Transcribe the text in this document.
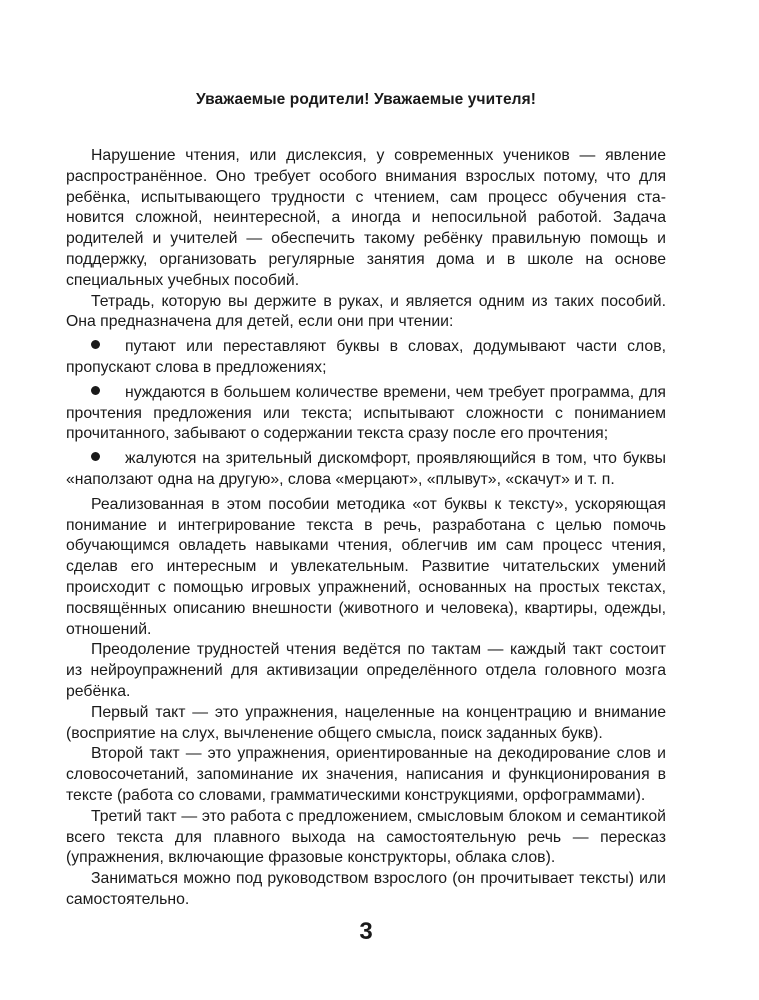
Уважаемые родители! Уважаемые учителя!

Нарушение чтения, или дислексия, у современных учеников — явление распространённое. Оно требует особого внимания взрослых потому, что для ребёнка, испытывающего трудности с чтением, сам процесс обучения становится сложной, неинтересной, а иногда и непосильной работой. Задача родителей и учителей — обеспечить такому ребёнку правильную помощь и поддержку, организовать регулярные занятия дома и в школе на основе специальных учебных пособий.

Тетрадь, которую вы держите в руках, и является одним из таких пособий. Она предназначена для детей, если они при чтении:

путают или переставляют буквы в словах, додумывают части слов, пропускают слова в предложениях;

нуждаются в большем количестве времени, чем требует программа, для прочтения предложения или текста; испытывают сложности с пониманием прочитанного, забывают о содержании текста сразу после его прочтения;

жалуются на зрительный дискомфорт, проявляющийся в том, что буквы «наползают одна на другую», слова «мерцают», «плывут», «скачут» и т. п.

Реализованная в этом пособии методика «от буквы к тексту», ускоряющая понимание и интегрирование текста в речь, разработана с целью помочь обучающимся овладеть навыками чтения, облегчив им сам процесс чтения, сделав его интересным и увлекательным. Развитие читательских умений происходит с помощью игровых упражнений, основанных на простых текстах, посвящённых описанию внешности (животного и человека), квартиры, одежды, отношений.

Преодоление трудностей чтения ведётся по тактам — каждый такт состоит из нейроупражнений для активизации определённого отдела головного мозга ребёнка.

Первый такт — это упражнения, нацеленные на концентрацию и внимание (восприятие на слух, вычленение общего смысла, поиск заданных букв).

Второй такт — это упражнения, ориентированные на декодирование слов и словосочетаний, запоминание их значения, написания и функционирования в тексте (работа со словами, грамматическими конструкциями, орфограммами).

Третий такт — это работа с предложением, смысловым блоком и семантикой всего текста для плавного выхода на самостоятельную речь — пересказ (упражнения, включающие фразовые конструкторы, облака слов).

Заниматься можно под руководством взрослого (он прочитывает тексты) или самостоятельно.

3
